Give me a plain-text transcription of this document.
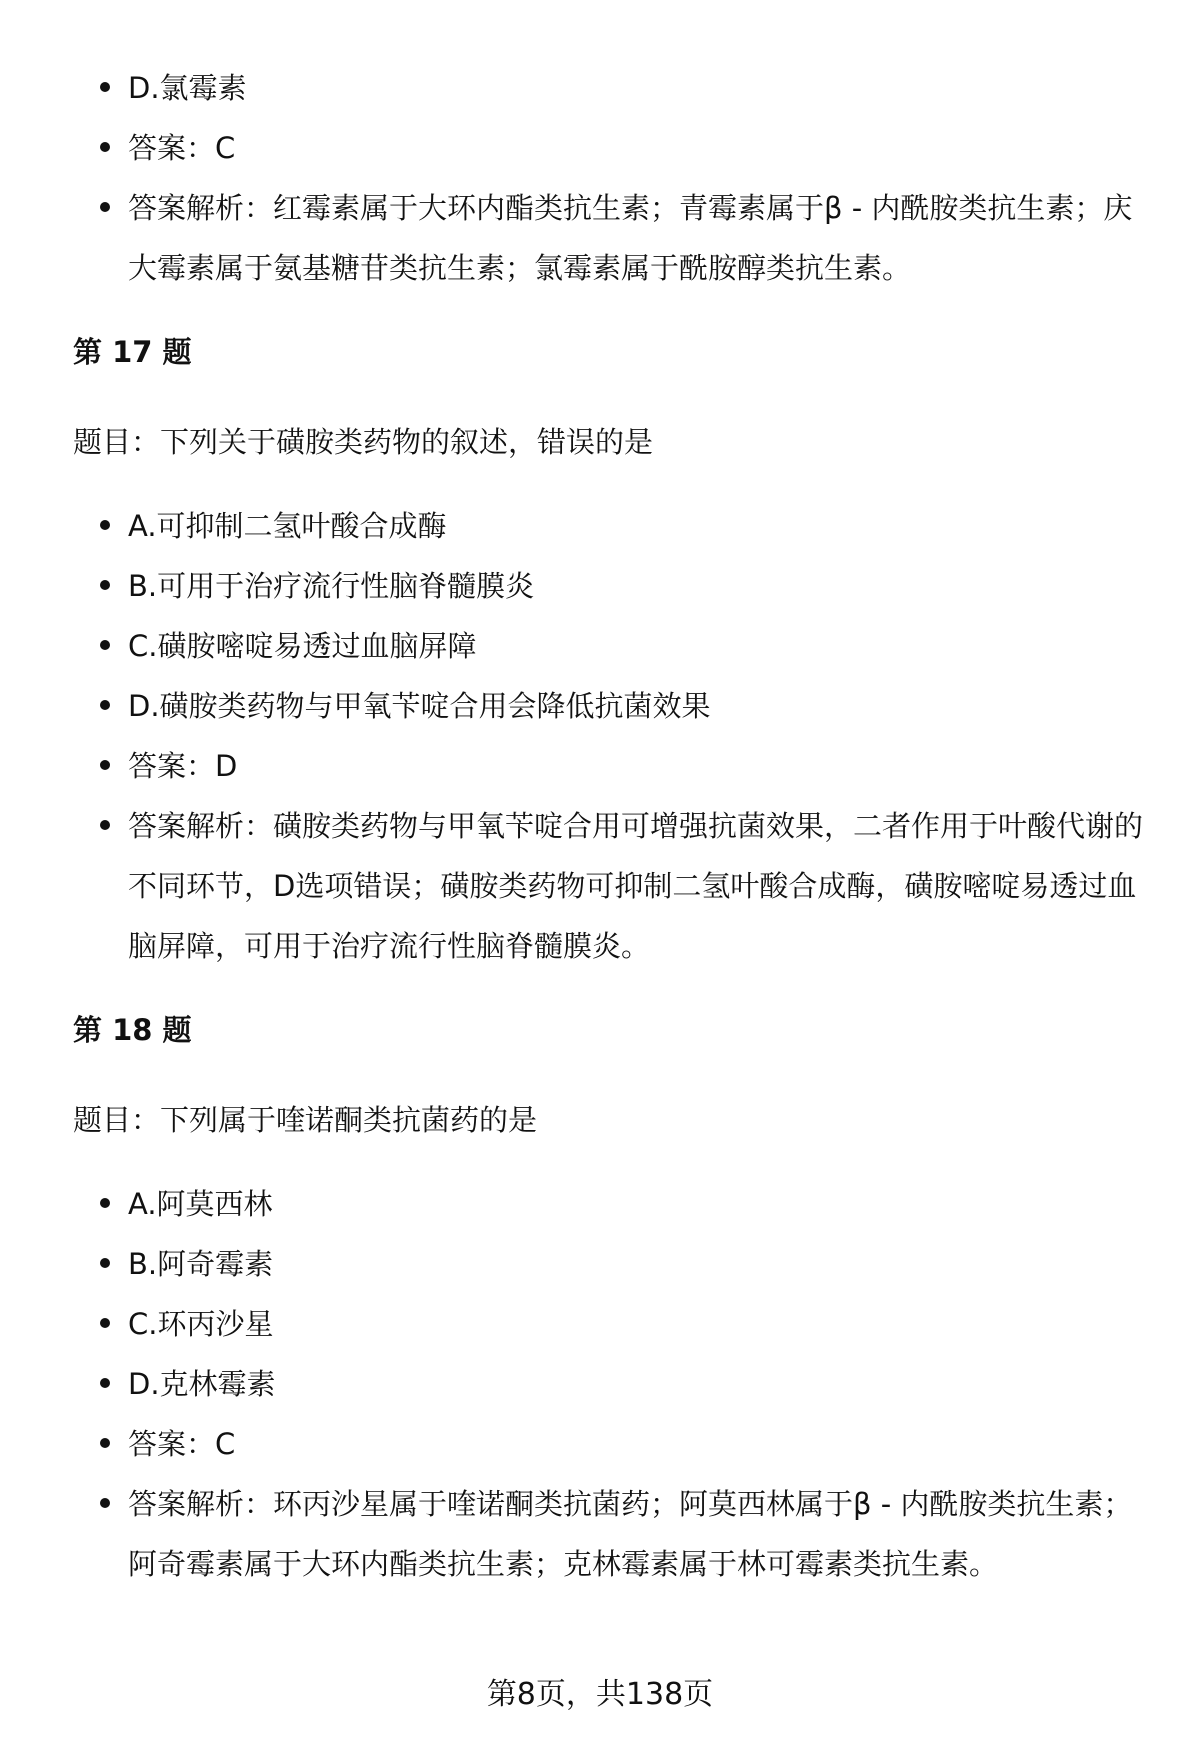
D.氯霉素
答案：C
答案解析：红霉素属于大环内酯类抗生素；青霉素属于β - 内酰胺类抗生素；庆大霉素属于氨基糖苷类抗生素；氯霉素属于酰胺醇类抗生素。
第 17 题
题目：下列关于磺胺类药物的叙述，错误的是
A.可抑制二氢叶酸合成酶
B.可用于治疗流行性脑脊髓膜炎
C.磺胺嘧啶易透过血脑屏障
D.磺胺类药物与甲氧苄啶合用会降低抗菌效果
答案：D
答案解析：磺胺类药物与甲氧苄啶合用可增强抗菌效果，二者作用于叶酸代谢的不同环节，D选项错误；磺胺类药物可抑制二氢叶酸合成酶，磺胺嘧啶易透过血脑屏障，可用于治疗流行性脑脊髓膜炎。
第 18 题
题目：下列属于喹诺酮类抗菌药的是
A.阿莫西林
B.阿奇霉素
C.环丙沙星
D.克林霉素
答案：C
答案解析：环丙沙星属于喹诺酮类抗菌药；阿莫西林属于β - 内酰胺类抗生素；阿奇霉素属于大环内酯类抗生素；克林霉素属于林可霉素类抗生素。
第8页，共138页
